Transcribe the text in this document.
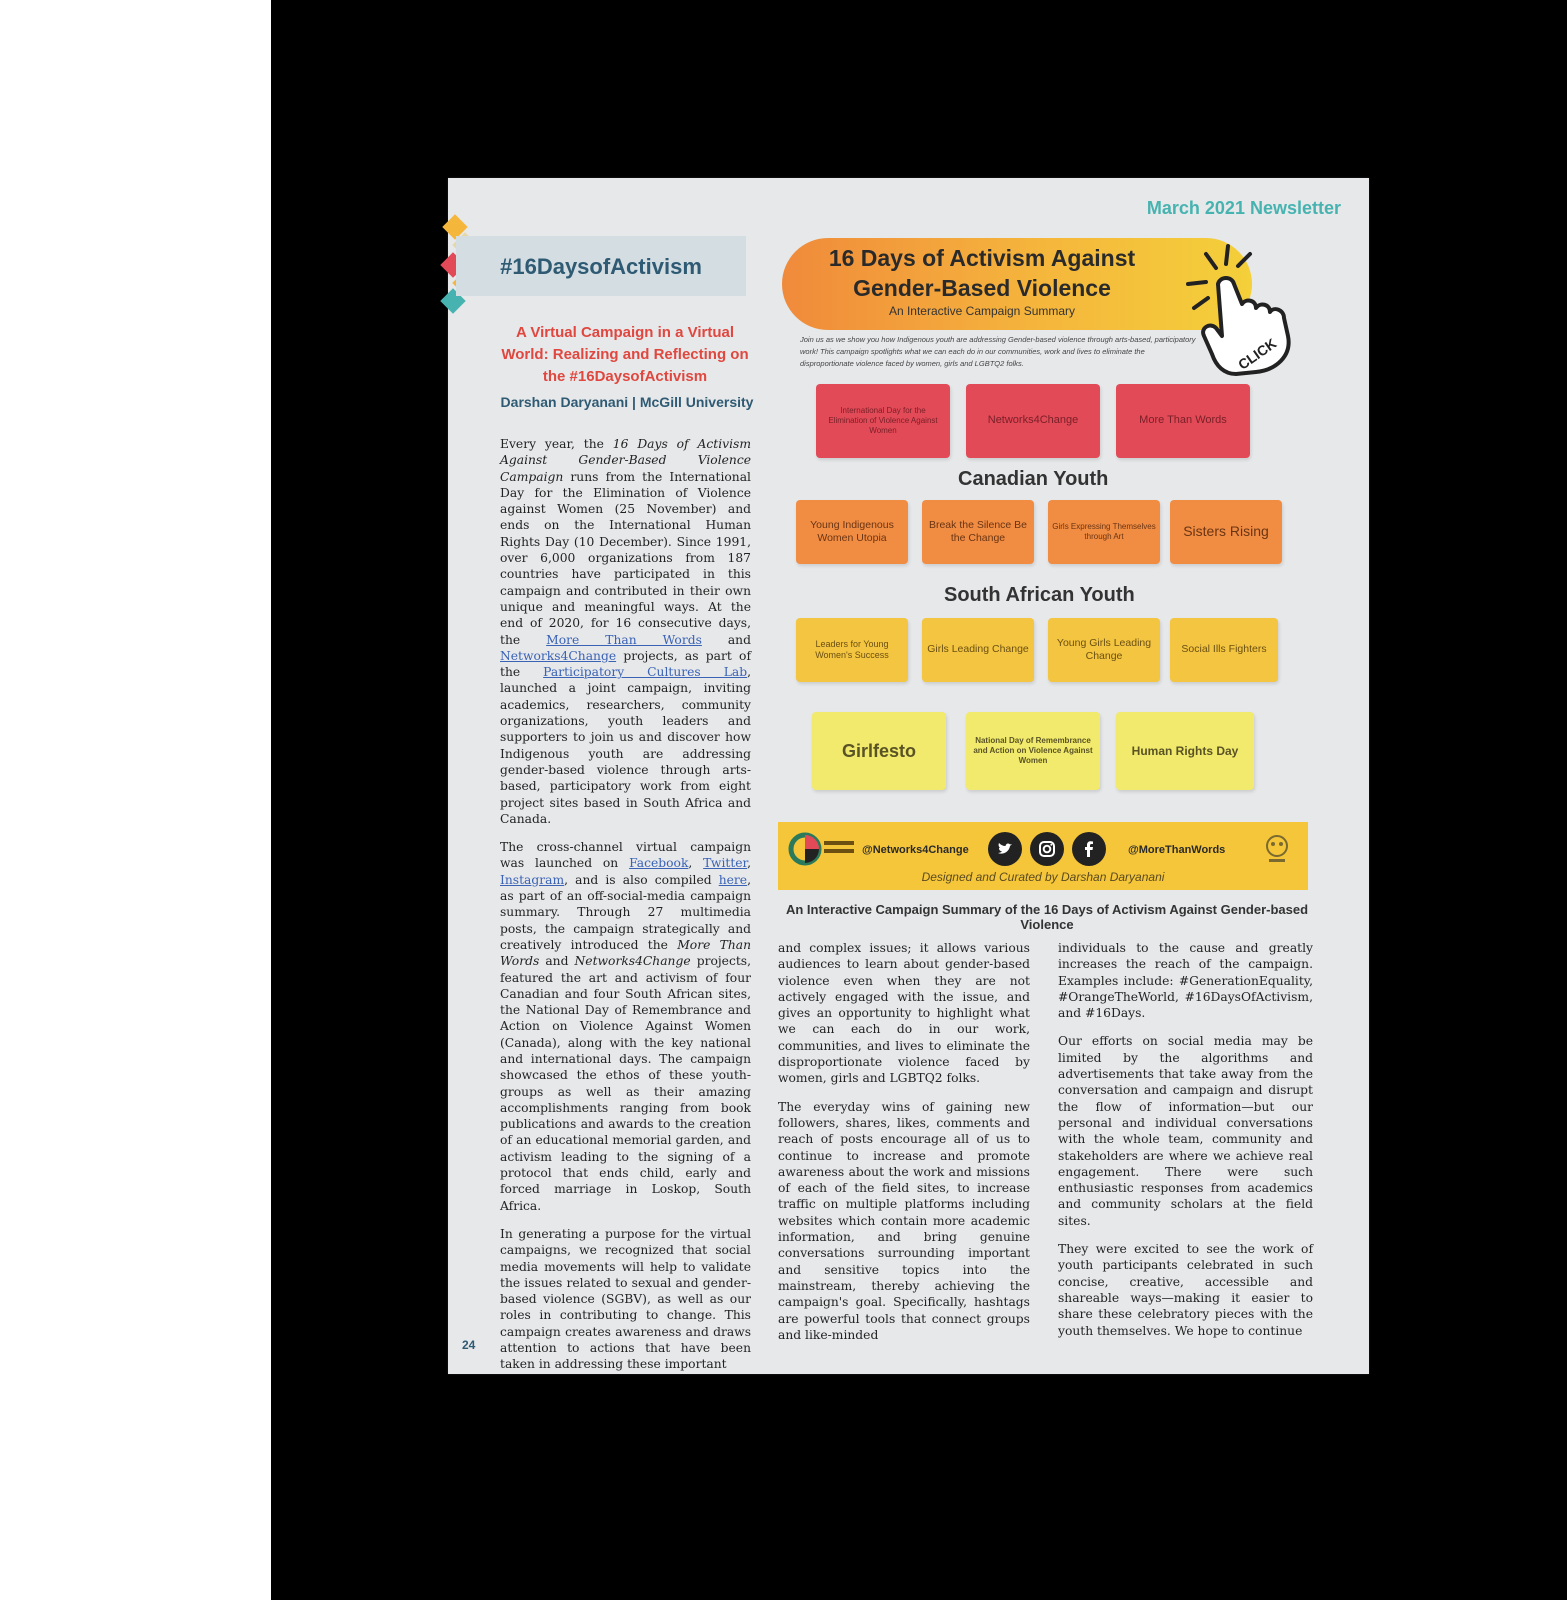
March 2021 Newsletter
#16DaysofActivism
A Virtual Campaign in a Virtual World: Realizing and Reflecting on the #16DaysofActivism
Darshan Daryanani | McGill University

Every year, the 16 Days of Activism Against Gender-Based Violence Campaign runs from the International Day for the Elimination of Violence against Women (25 November) and ends on the International Human Rights Day (10 December). Since 1991, over 6,000 organizations from 187 countries have participated in this campaign and contributed in their own unique and meaningful ways. At the end of 2020, for 16 consecutive days, the More Than Words and Networks4Change projects, as part of the Participatory Cultures Lab, launched a joint campaign, inviting academics, researchers, community organizations, youth leaders and supporters to join us and discover how Indigenous youth are addressing gender-based violence through arts-based, participatory work from eight project sites based in South Africa and Canada.

The cross-channel virtual campaign was launched on Facebook, Twitter, Instagram, and is also compiled here, as part of an off-social-media campaign summary. Through 27 multimedia posts, the campaign strategically and creatively introduced the More Than Words and Networks4Change projects, featured the art and activism of four Canadian and four South African sites, the National Day of Remembrance and Action on Violence Against Women (Canada), along with the key national and international days. The campaign showcased the ethos of these youth-groups as well as their amazing accomplishments ranging from book publications and awards to the creation of an educational memorial garden, and activism leading to the signing of a protocol that ends child, early and forced marriage in Loskop, South Africa.

In generating a purpose for the virtual campaigns, we recognized that social media movements will help to validate the issues related to sexual and gender-based violence (SGBV), as well as our roles in contributing to change. This campaign creates awareness and draws attention to actions that have been taken in addressing these important

24
16 Days of Activism Against Gender-Based Violence
An Interactive Campaign Summary
CLICK
Join us as we show you how Indigenous youth are addressing Gender-based violence through arts-based, participatory work! This campaign spotlights what we can each do in our communities, work and lives to eliminate the disproportionate violence faced by women, girls and LGBTQ2 folks.
International Day for the Elimination of Violence Against Women
Networks4Change	More Than Words
Canadian Youth
Young Indigenous Women Utopia
Break the Silence Be the Change
Girls Expressing Themselves through Art	Sisters Rising
South African Youth
Leaders for Young Women's Success	Girls Leading Change
Young Girls Leading Change
Social Ills Fighters
Girlfesto
National Day of Remembrance and Action on Violence Against Women
Human Rights Day
@Networks4Change	@MoreThanWords
Designed and Curated by Darshan Daryanani
An Interactive Campaign Summary of the 16 Days of Activism Against Gender-based Violence

and complex issues; it allows various audiences to learn about gender-based violence even when they are not actively engaged with the issue, and gives an opportunity to highlight what we can each do in our work, communities, and lives to eliminate the disproportionate violence faced by women, girls and LGBTQ2 folks.

The everyday wins of gaining new followers, shares, likes, comments and reach of posts encourage all of us to continue to increase and promote awareness about the work and missions of each of the field sites, to increase traffic on multiple platforms including websites which contain more academic information, and bring genuine conversations surrounding important and sensitive topics into the mainstream, thereby achieving the campaign's goal. Specifically, hashtags are powerful tools that connect groups and like-minded

individuals to the cause and greatly increases the reach of the campaign. Examples include: #GenerationEquality, #OrangeTheWorld, #16DaysOfActivism, and #16Days.

Our efforts on social media may be limited by the algorithms and advertisements that take away from the conversation and campaign and disrupt the flow of information—but our personal and individual conversations with the whole team, community and stakeholders are where we achieve real engagement. There were such enthusiastic responses from academics and community scholars at the field sites.

They were excited to see the work of youth participants celebrated in such concise, creative, accessible and shareable ways—making it easier to share these celebratory pieces with the youth themselves. We hope to continue
